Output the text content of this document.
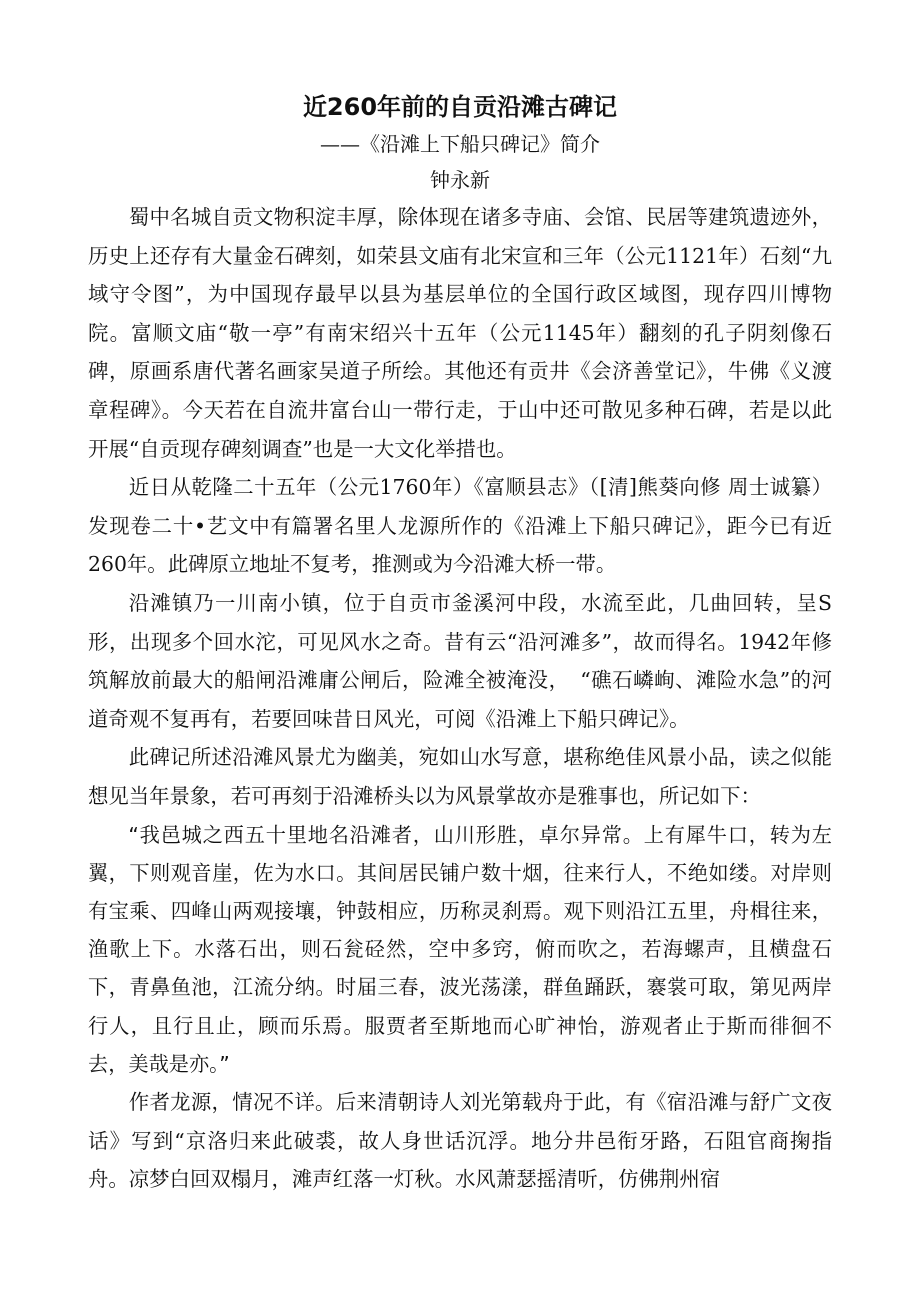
近260年前的自贡沿滩古碑记

——《沿滩上下船只碑记》简介

钟永新

蜀中名城自贡文物积淀丰厚，除体现在诸多寺庙、会馆、民居等建筑遗迹外，历史上还存有大量金石碑刻，如荣县文庙有北宋宣和三年（公元1121年）石刻“九域守令图”，为中国现存最早以县为基层单位的全国行政区域图，现存四川博物院。富顺文庙“敬一亭”有南宋绍兴十五年（公元1145年）翻刻的孔子阴刻像石碑，原画系唐代著名画家吴道子所绘。其他还有贡井《会济善堂记》，牛佛《义渡章程碑》。今天若在自流井富台山一带行走，于山中还可散见多种石碑，若是以此开展“自贡现存碑刻调查”也是一大文化举措也。

近日从乾隆二十五年（公元1760年）《富顺县志》（[清]熊葵向修 周士诚纂）发现卷二十•艺文中有篇署名里人龙源所作的《沿滩上下船只碑记》，距今已有近260年。此碑原立地址不复考，推测或为今沿滩大桥一带。

沿滩镇乃一川南小镇，位于自贡市釜溪河中段，水流至此，几曲回转，呈S形，出现多个回水沱，可见风水之奇。昔有云“沿河滩多”，故而得名。1942年修筑解放前最大的船闸沿滩庸公闸后，险滩全被淹没，　“礁石嶙峋、滩险水急”的河道奇观不复再有，若要回味昔日风光，可阅《沿滩上下船只碑记》。

此碑记所述沿滩风景尤为幽美，宛如山水写意，堪称绝佳风景小品，读之似能想见当年景象，若可再刻于沿滩桥头以为风景掌故亦是雅事也，所记如下：

“我邑城之西五十里地名沿滩者，山川形胜，卓尔异常。上有犀牛口，转为左翼，下则观音崖，佐为水口。其间居民铺户数十烟，往来行人，不绝如缕。对岸则有宝乘、四峰山两观接壤，钟鼓相应，历称灵刹焉。观下则沿江五里，舟楫往来，渔歌上下。水落石出，则石瓮硁然，空中多窍，俯而吹之，若海螺声，且横盘石下，青鼻鱼池，江流分纳。时届三春，波光荡漾，群鱼踊跃，褰裳可取，第见两岸行人，且行且止，顾而乐焉。服贾者至斯地而心旷神怡，游观者止于斯而徘徊不去，美哉是亦。”

作者龙源，情况不详。后来清朝诗人刘光第载舟于此，有《宿沿滩与舒广文夜话》写到“京洛归来此破裘，故人身世话沉浮。地分井邑衔牙路，石阻官商掬指舟。凉梦白回双榻月，滩声红落一灯秋。水风萧瑟摇清听，仿佛荆州宿
